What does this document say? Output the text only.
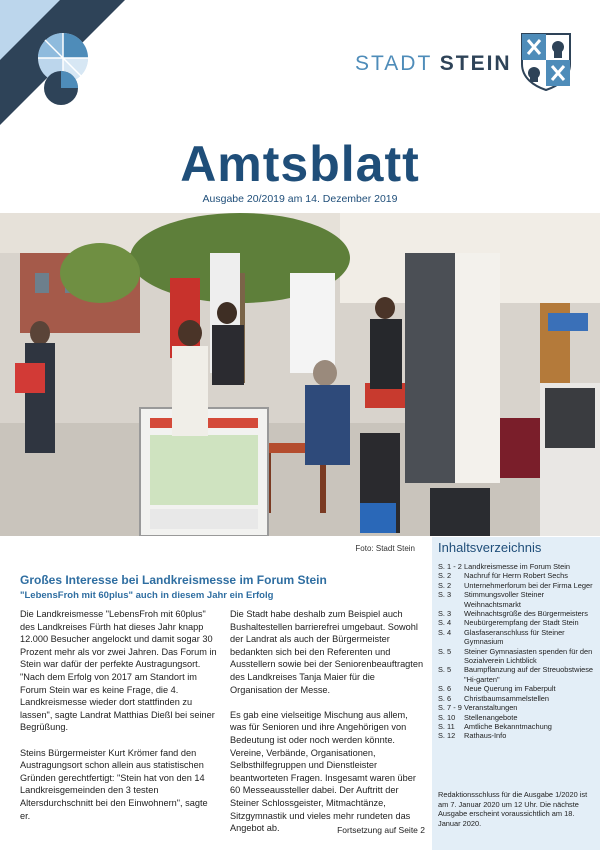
STADT STEIN
Amtsblatt
Ausgabe 20/2019 am 14. Dezember 2019
Foto: Stadt Stein
Großes Interesse bei Landkreismesse im Forum Stein
"LebensFroh mit 60plus" auch in diesem Jahr ein Erfolg

Die Landkreismesse "LebensFroh mit 60plus" des Landkreises Fürth hat dieses Jahr knapp 12.000 Besucher angelockt und damit sogar 30 Prozent mehr als vor zwei Jahren. Das Forum in Stein war dafür der perfekte Austragungsort. "Nach dem Erfolg von 2017 am Standort im Forum Stein war es keine Frage, die 4. Landkreismesse wieder dort stattfinden zu lassen", sagte Landrat Matthias Dießl bei seiner Begrüßung.

Steins Bürgermeister Kurt Krömer fand den Austragungsort schon allein aus statistischen Gründen gerechtfertigt: "Stein hat von den 14 Landkreisgemeinden den 3 testen Altersdurchschnitt bei den Einwohnern", sagte er.

Die Stadt habe deshalb zum Beispiel auch Bushaltestellen barrierefrei umgebaut. Sowohl der Landrat als auch der Bürgermeister bedankten sich bei den Referenten und Ausstellern sowie bei der Seniorenbeauftragten des Landkreises Tanja Maier für die Organisation der Messe.

Es gab eine vielseitige Mischung aus allem, was für Senioren und ihre Angehörigen von Bedeutung ist oder noch werden könnte. Vereine, Verbände, Organisationen, Selbsthilfegruppen und Dienstleister beantworteten Fragen. Insgesamt waren über 60 Messeaussteller dabei. Der Auftritt der Steiner Schlossgeister, Mitmachtänze, Sitzgymnastik und vieles mehr rundeten das Angebot ab.	Fortsetzung auf Seite 2
Inhaltsverzeichnis
S. 1 - 2 Landkreismesse im Forum Stein
S. 2	Nachruf für Herrn Robert Sechs
S. 2	Unternehmerforum bei der Firma Leger
S. 3	Stimmungsvoller Steiner Weihnachtsmarkt
S. 3	Weihnachtsgrüße des Bürgermeisters
S. 4	Neubürgerempfang der Stadt Stein
S. 4	Glasfaseranschluss für Steiner Gymnasium
S. 5	Steiner Gymnasiasten spenden für den Sozialverein Lichtblick
S. 5	Baumpflanzung auf der Streuobstwiese "Hi-garten"
S. 6	Neue Querung im Faberpult
S. 6	Christbaumsammelstellen
S. 7 - 9 Veranstaltungen
S. 10	Stellenangebote
S. 11	Amtliche Bekanntmachung
S. 12	Rathaus-Info
Redaktionsschluss für die Ausgabe 1/2020 ist am 7. Januar 2020 um 12 Uhr. Die nächste Ausgabe erscheint voraussichtlich am 18. Januar 2020.
